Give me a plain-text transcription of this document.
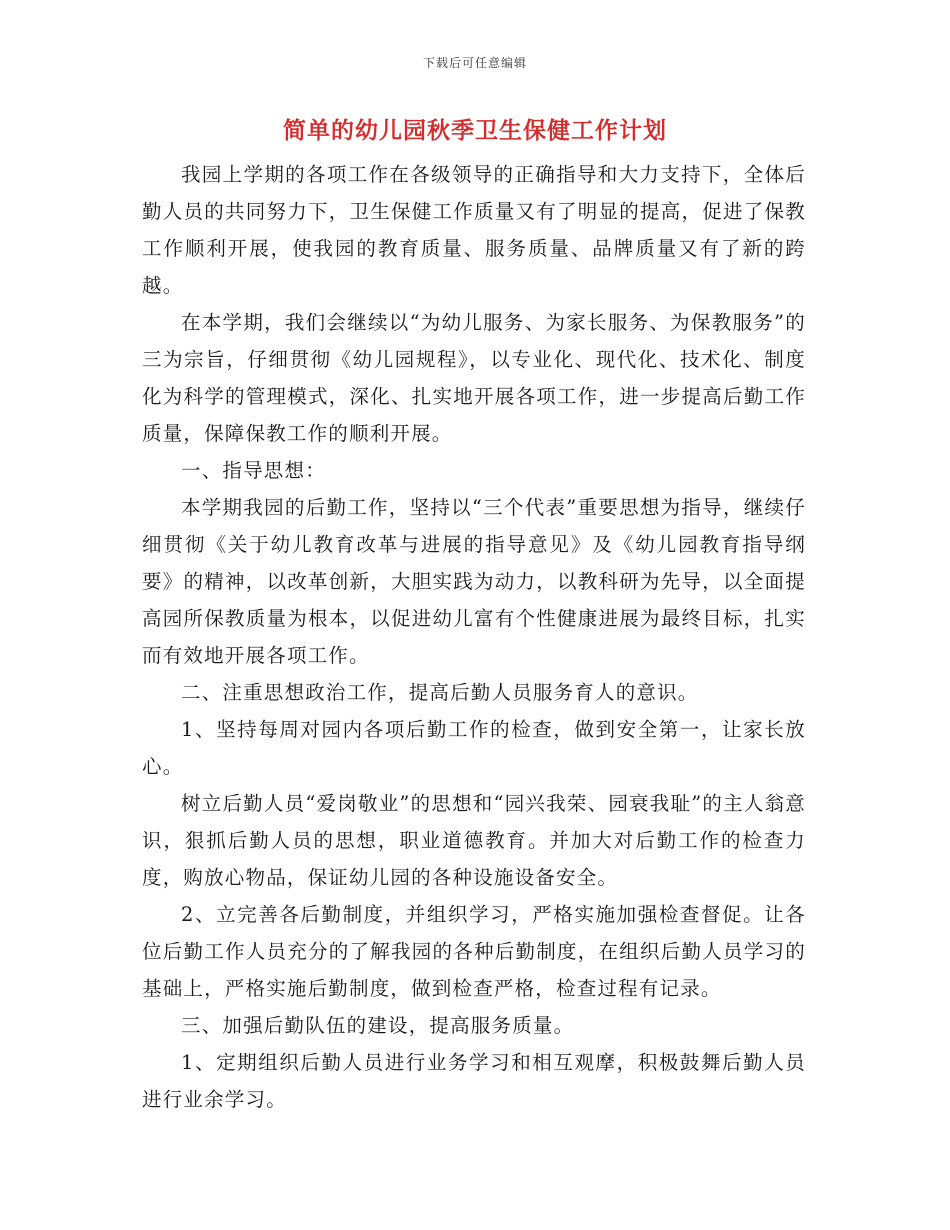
下载后可任意编辑
简单的幼儿园秋季卫生保健工作计划

我园上学期的各项工作在各级领导的正确指导和大力支持下，全体后勤人员的共同努力下，卫生保健工作质量又有了明显的提高，促进了保教工作顺利开展，使我园的教育质量、服务质量、品牌质量又有了新的跨越。

在本学期，我们会继续以“为幼儿服务、为家长服务、为保教服务”的三为宗旨，仔细贯彻《幼儿园规程》，以专业化、现代化、技术化、制度化为科学的管理模式，深化、扎实地开展各项工作，进一步提高后勤工作质量，保障保教工作的顺利开展。

一、指导思想：

本学期我园的后勤工作，坚持以“三个代表”重要思想为指导，继续仔细贯彻《关于幼儿教育改革与进展的指导意见》及《幼儿园教育指导纲要》的精神，以改革创新，大胆实践为动力，以教科研为先导，以全面提高园所保教质量为根本，以促进幼儿富有个性健康进展为最终目标，扎实而有效地开展各项工作。

二、注重思想政治工作，提高后勤人员服务育人的意识。

1、坚持每周对园内各项后勤工作的检查，做到安全第一，让家长放心。

树立后勤人员“爱岗敬业”的思想和“园兴我荣、园衰我耻”的主人翁意识，狠抓后勤人员的思想，职业道德教育。并加大对后勤工作的检查力度，购放心物品，保证幼儿园的各种设施设备安全。

2、立完善各后勤制度，并组织学习，严格实施加强检查督促。让各位后勤工作人员充分的了解我园的各种后勤制度，在组织后勤人员学习的基础上，严格实施后勤制度，做到检查严格，检查过程有记录。

三、加强后勤队伍的建设，提高服务质量。

1、定期组织后勤人员进行业务学习和相互观摩，积极鼓舞后勤人员进行业余学习。
